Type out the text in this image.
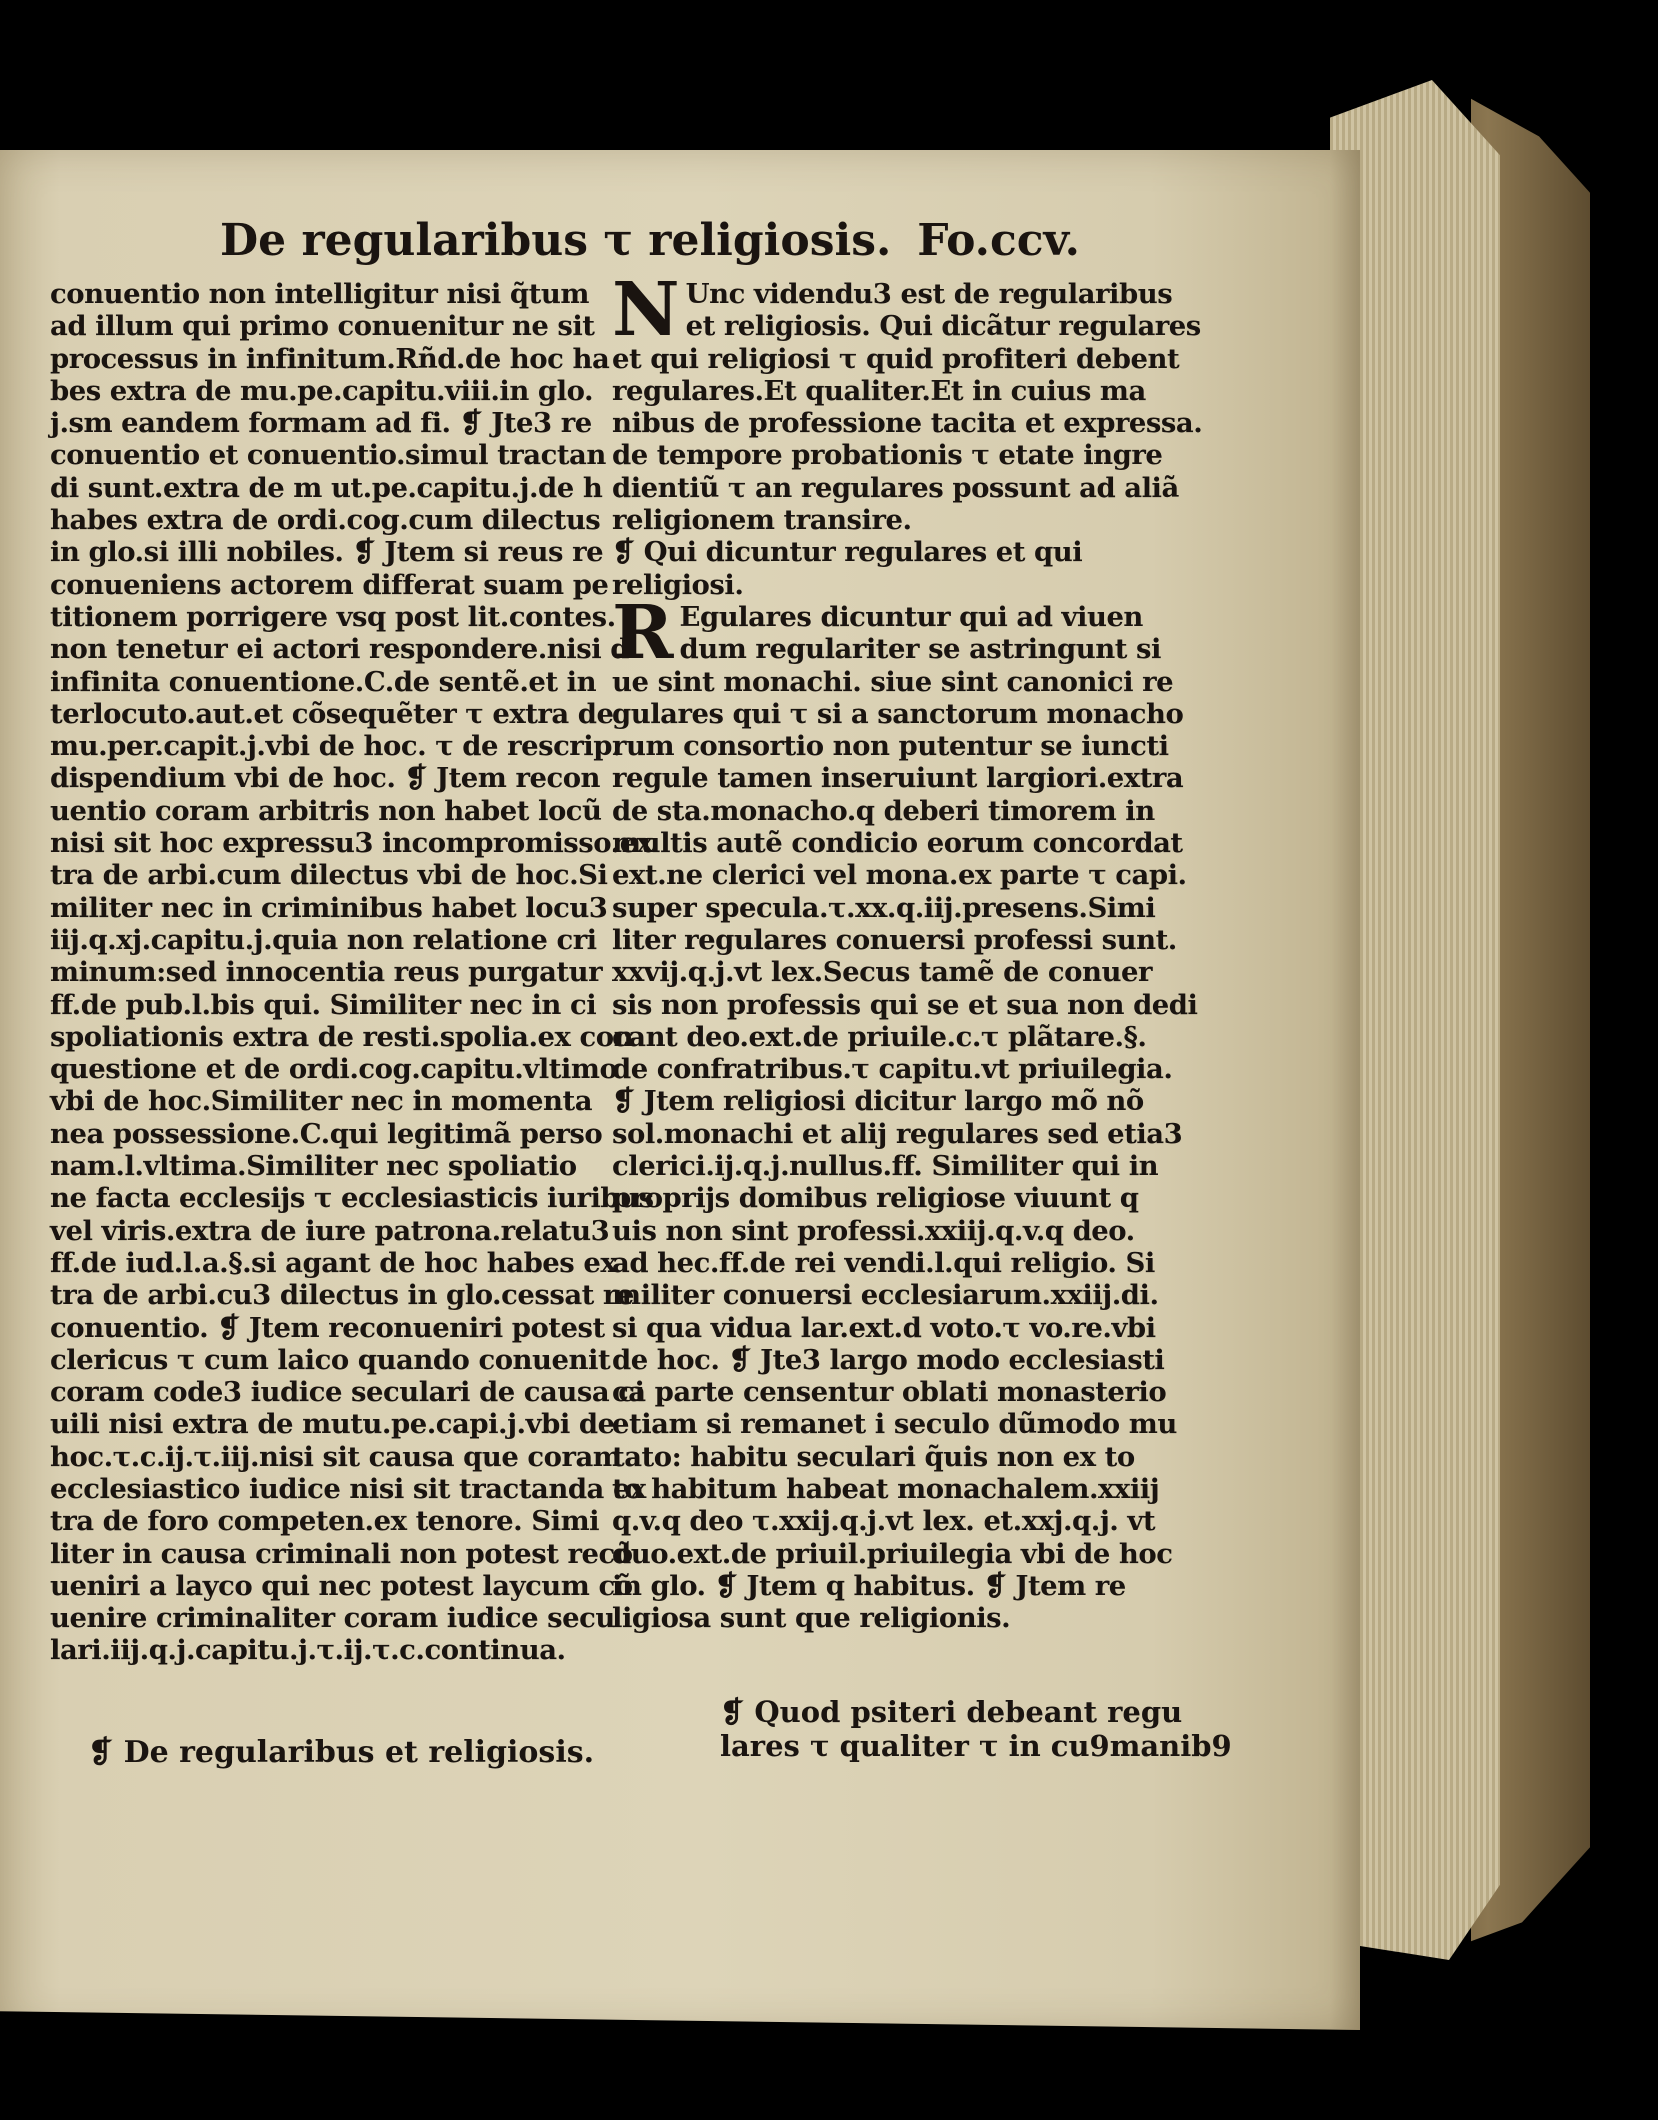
De regularibus τ religiosis. Fo.ccv.
conuentio non intelligitur nisi q̃tum
ad illum qui primo conuenitur ne sit
processus in infinitum.Rñd.de hoc ha
bes extra de mu.pe.capitu.viii.in glo.
j.sm eandem formam ad fi. ❡ Jte3 re
conuentio et conuentio.simul tractan
di sunt.extra de m ut.pe.capitu.j.de h
habes extra de ordi.cog.cum dilectus
in glo.si illi nobiles. ❡ Jtem si reus re
conueniens actorem differat suam pe
titionem porrigere vsq post lit.contes.
non tenetur ei actori respondere.nisi d
infinita conuentione.C.de sentẽ.et in
terlocuto.aut.et cõsequẽter τ extra de
mu.per.capit.j.vbi de hoc. τ de rescrip.
dispendium vbi de hoc. ❡ Jtem recon
uentio coram arbitris non habet locũ
nisi sit hoc expressu3 incompromisso.ex
tra de arbi.cum dilectus vbi de hoc.Si
militer nec in criminibus habet locu3
iij.q.xj.capitu.j.quia non relatione cri
minum:sed innocentia reus purgatur
ff.de pub.l.bis qui. Similiter nec in ci
spoliationis extra de resti.spolia.ex con
questione et de ordi.cog.capitu.vltimo
vbi de hoc.Similiter nec in momenta
nea possessione.C.qui legitimã perso
nam.l.vltima.Similiter nec spoliatio
ne facta ecclesijs τ ecclesiasticis iuribus
vel viris.extra de iure patrona.relatu3
ff.de iud.l.a.§.si agant de hoc habes ex
tra de arbi.cu3 dilectus in glo.cessat re
conuentio. ❡ Jtem reconueniri potest
clericus τ cum laico quando conuenit
coram code3 iudice seculari de causa ci
uili nisi extra de mutu.pe.capi.j.vbi de
hoc.τ.c.ij.τ.iij.nisi sit causa que coram
ecclesiastico iudice nisi sit tractanda ex
tra de foro competen.ex tenore. Simi
liter in causa criminali non potest recõ
ueniri a layco qui nec potest laycum cõ
uenire criminaliter coram iudice secu
lari.iij.q.j.capitu.j.τ.ij.τ.c.continua.
N Unc videndu3 est de regularibus
et religiosis. Qui dicãtur regulares
et qui religiosi τ quid profiteri debent
regulares.Et qualiter.Et in cuius ma
nibus de professione tacita et expressa.
de tempore probationis τ etate ingre
dientiũ τ an regulares possunt ad aliã
religionem transire.
❡ Qui dicuntur regulares et qui
religiosi.
R Egulares dicuntur qui ad viuen
dum regulariter se astringunt si
ue sint monachi. siue sint canonici re
gulares qui τ si a sanctorum monacho
rum consortio non putentur se iuncti
regule tamen inseruiunt largiori.extra
de sta.monacho.q deberi timorem in
multis autẽ condicio eorum concordat
ext.ne clerici vel mona.ex parte τ capi.
super specula.τ.xx.q.iij.presens.Simi
liter regulares conuersi professi sunt.
xxvij.q.j.vt lex.Secus tamẽ de conuer
sis non professis qui se et sua non dedi
cant deo.ext.de priuile.c.τ plãtare.§.
de confratribus.τ capitu.vt priuilegia.
❡ Jtem religiosi dicitur largo mõ nõ
sol.monachi et alij regulares sed etia3
clerici.ij.q.j.nullus.ff. Similiter qui in
proprijs domibus religiose viuunt q
uis non sint professi.xxiij.q.v.q deo.
ad hec.ff.de rei vendi.l.qui religio. Si
militer conuersi ecclesiarum.xxiij.di.
si qua vidua lar.ext.d voto.τ vo.re.vbi
de hoc. ❡ Jte3 largo modo ecclesiasti
ca parte censentur oblati monasterio
etiam si remanet i seculo dũmodo mu
tato: habitu seculari q̃uis non ex to
to habitum habeat monachalem.xxiij
q.v.q deo τ.xxij.q.j.vt lex. et.xxj.q.j. vt
duo.ext.de priuil.priuilegia vbi de hoc
in glo. ❡ Jtem q habitus. ❡ Jtem re
ligiosa sunt que religionis.
❡ De regularibus et religiosis.
❡ Quod psiteri debeant regu
lares τ qualiter τ in cu9manib9
